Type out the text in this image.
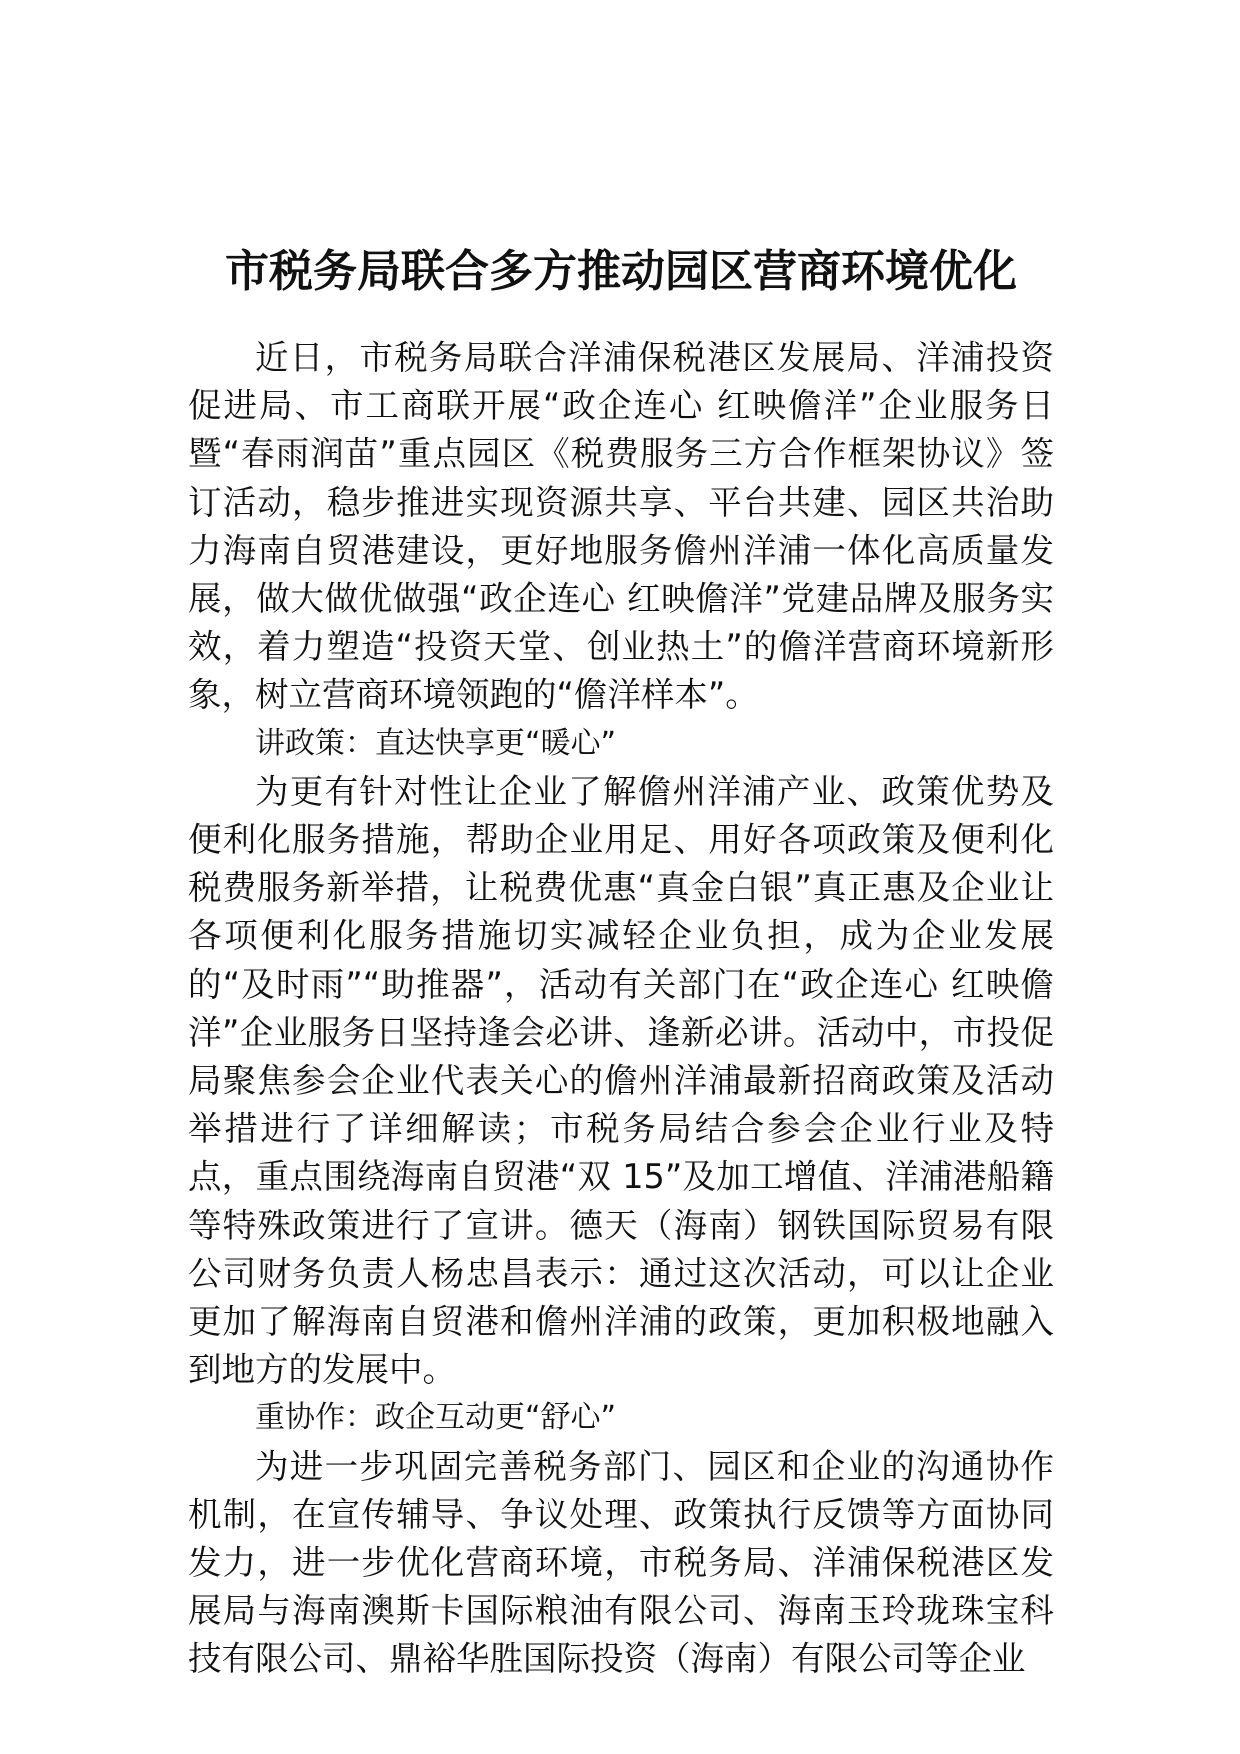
市税务局联合多方推动园区营商环境优化

近日，市税务局联合洋浦保税港区发展局、洋浦投资促进局、市工商联开展“政企连心 红映儋洋”企业服务日暨“春雨润苗”重点园区《税费服务三方合作框架协议》签订活动，稳步推进实现资源共享、平台共建、园区共治助力海南自贸港建设，更好地服务儋州洋浦一体化高质量发展，做大做优做强“政企连心 红映儋洋”党建品牌及服务实效，着力塑造“投资天堂、创业热土”的儋洋营商环境新形象，树立营商环境领跑的“儋洋样本”。

讲政策：直达快享更“暖心”

为更有针对性让企业了解儋州洋浦产业、政策优势及便利化服务措施，帮助企业用足、用好各项政策及便利化税费服务新举措，让税费优惠“真金白银”真正惠及企业让各项便利化服务措施切实减轻企业负担，成为企业发展的“及时雨”“助推器”，活动有关部门在“政企连心 红映儋洋”企业服务日坚持逢会必讲、逢新必讲。活动中，市投促局聚焦参会企业代表关心的儋州洋浦最新招商政策及活动举措进行了详细解读；市税务局结合参会企业行业及特点，重点围绕海南自贸港“双 15”及加工增值、洋浦港船籍等特殊政策进行了宣讲。德天（海南）钢铁国际贸易有限公司财务负责人杨忠昌表示：通过这次活动，可以让企业更加了解海南自贸港和儋州洋浦的政策，更加积极地融入到地方的发展中。

重协作：政企互动更“舒心”

为进一步巩固完善税务部门、园区和企业的沟通协作机制，在宣传辅导、争议处理、政策执行反馈等方面协同发力，进一步优化营商环境，市税务局、洋浦保税港区发展局与海南澳斯卡国际粮油有限公司、海南玉玲珑珠宝科技有限公司、鼎裕华胜国际投资（海南）有限公司等企业
